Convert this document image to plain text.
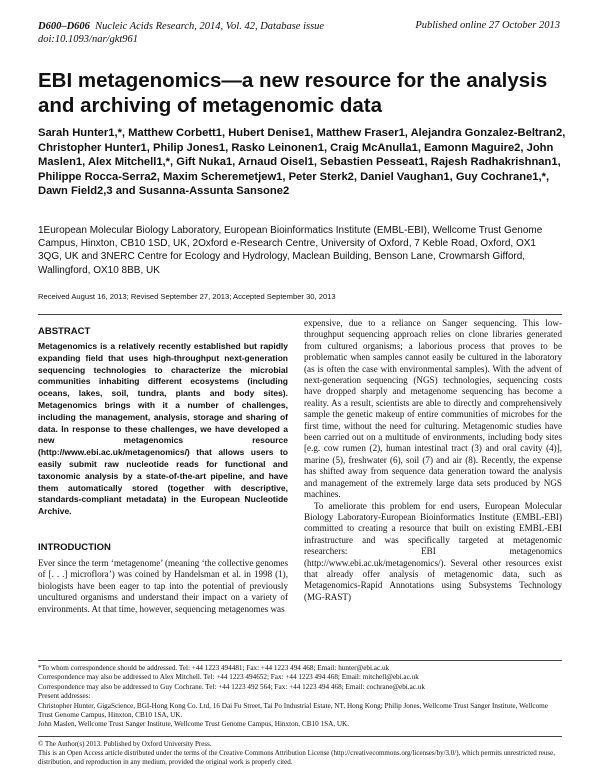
D600–D606 Nucleic Acids Research, 2014, Vol. 42, Database issue
doi:10.1093/nar/gkt961
Published online 27 October 2013
EBI metagenomics—a new resource for the analysis and archiving of metagenomic data
Sarah Hunter1,*, Matthew Corbett1, Hubert Denise1, Matthew Fraser1, Alejandra Gonzalez-Beltran2, Christopher Hunter1, Philip Jones1, Rasko Leinonen1, Craig McAnulla1, Eamonn Maguire2, John Maslen1, Alex Mitchell1,*, Gift Nuka1, Arnaud Oisel1, Sebastien Pesseat1, Rajesh Radhakrishnan1, Philippe Rocca-Serra2, Maxim Scheremetjew1, Peter Sterk2, Daniel Vaughan1, Guy Cochrane1,*, Dawn Field2,3 and Susanna-Assunta Sansone2
1European Molecular Biology Laboratory, European Bioinformatics Institute (EMBL-EBI), Wellcome Trust Genome Campus, Hinxton, CB10 1SD, UK, 2Oxford e-Research Centre, University of Oxford, 7 Keble Road, Oxford, OX1 3QG, UK and 3NERC Centre for Ecology and Hydrology, Maclean Building, Benson Lane, Crowmarsh Gifford, Wallingford, OX10 8BB, UK
Received August 16, 2013; Revised September 27, 2013; Accepted September 30, 2013
ABSTRACT
Metagenomics is a relatively recently established but rapidly expanding field that uses high-throughput next-generation sequencing technologies to characterize the microbial communities inhabiting different ecosystems (including oceans, lakes, soil, tundra, plants and body sites). Metagenomics brings with it a number of challenges, including the management, analysis, storage and sharing of data. In response to these challenges, we have developed a new metagenomics resource (http://www.ebi.ac.uk/metagenomics/) that allows users to easily submit raw nucleotide reads for functional and taxonomic analysis by a state-of-the-art pipeline, and have them automatically stored (together with descriptive, standards-compliant metadata) in the European Nucleotide Archive.
INTRODUCTION
Ever since the term ‘metagenome’ (meaning ‘the collective genomes of [. . .] microflora’) was coined by Handelsman et al. in 1998 (1), biologists have been eager to tap into the potential of previously uncultured organisms and understand their impact on a variety of environments. At that time, however, sequencing metagenomes was

expensive, due to a reliance on Sanger sequencing. This low-throughput sequencing approach relies on clone libraries generated from cultured organisms; a laborious process that proves to be problematic when samples cannot easily be cultured in the laboratory (as is often the case with environmental samples). With the advent of next-generation sequencing (NGS) technologies, sequencing costs have dropped sharply and metagenome sequencing has become a reality. As a result, scientists are able to directly and comprehensively sample the genetic makeup of entire communities of microbes for the first time, without the need for culturing. Metagenomic studies have been carried out on a multitude of environments, including body sites [e.g. cow rumen (2), human intestinal tract (3) and oral cavity (4)], marine (5), freshwater (6), soil (7) and air (8). Recently, the expense has shifted away from sequence data generation toward the analysis and management of the extremely large data sets produced by NGS machines.

To ameliorate this problem for end users, European Molecular Biology Laboratory-European Bioinformatics Institute (EMBL-EBI) committed to creating a resource that built on existing EMBL-EBI infrastructure and was specifically targeted at metagenomic researchers: EBI metagenomics (http://www.ebi.ac.uk/metagenomics/). Several other resources exist that already offer analysis of metagenomic data, such as Metagenomics-Rapid Annotations using Subsystems Technology (MG-RAST)

*To whom correspondence should be addressed. Tel: +44 1223 494481; Fax: +44 1223 494 468; Email: hunter@ebi.ac.uk
Correspondence may also be addressed to Alex Mitchell. Tel: +44 1223 494652; Fax: +44 1223 494 468; Email: mitchell@ebi.ac.uk
Correspondence may also be addressed to Guy Cochrane. Tel: +44 1223 492 564; Fax: +44 1223 494 468; Email: cochrane@ebi.ac.uk
Present addresses:
Christopher Hunter, GigaScience, BGI-Hong Kong Co. Ltd, 16 Dai Fu Street, Tai Po Industrial Estate, NT, Hong Kong; Philip Jones, Wellcome Trust Sanger Institute, Wellcome Trust Genome Campus, Hinxton, CB10 1SA, UK.
John Maslen, Wellcome Trust Sanger Institute, Wellcome Trust Genome Campus, Hinxton, CB10 1SA, UK.
© The Author(s) 2013. Published by Oxford University Press.
This is an Open Access article distributed under the terms of the Creative Commons Attribution License (http://creativecommons.org/licenses/by/3.0/), which permits unrestricted reuse, distribution, and reproduction in any medium, provided the original work is properly cited.
